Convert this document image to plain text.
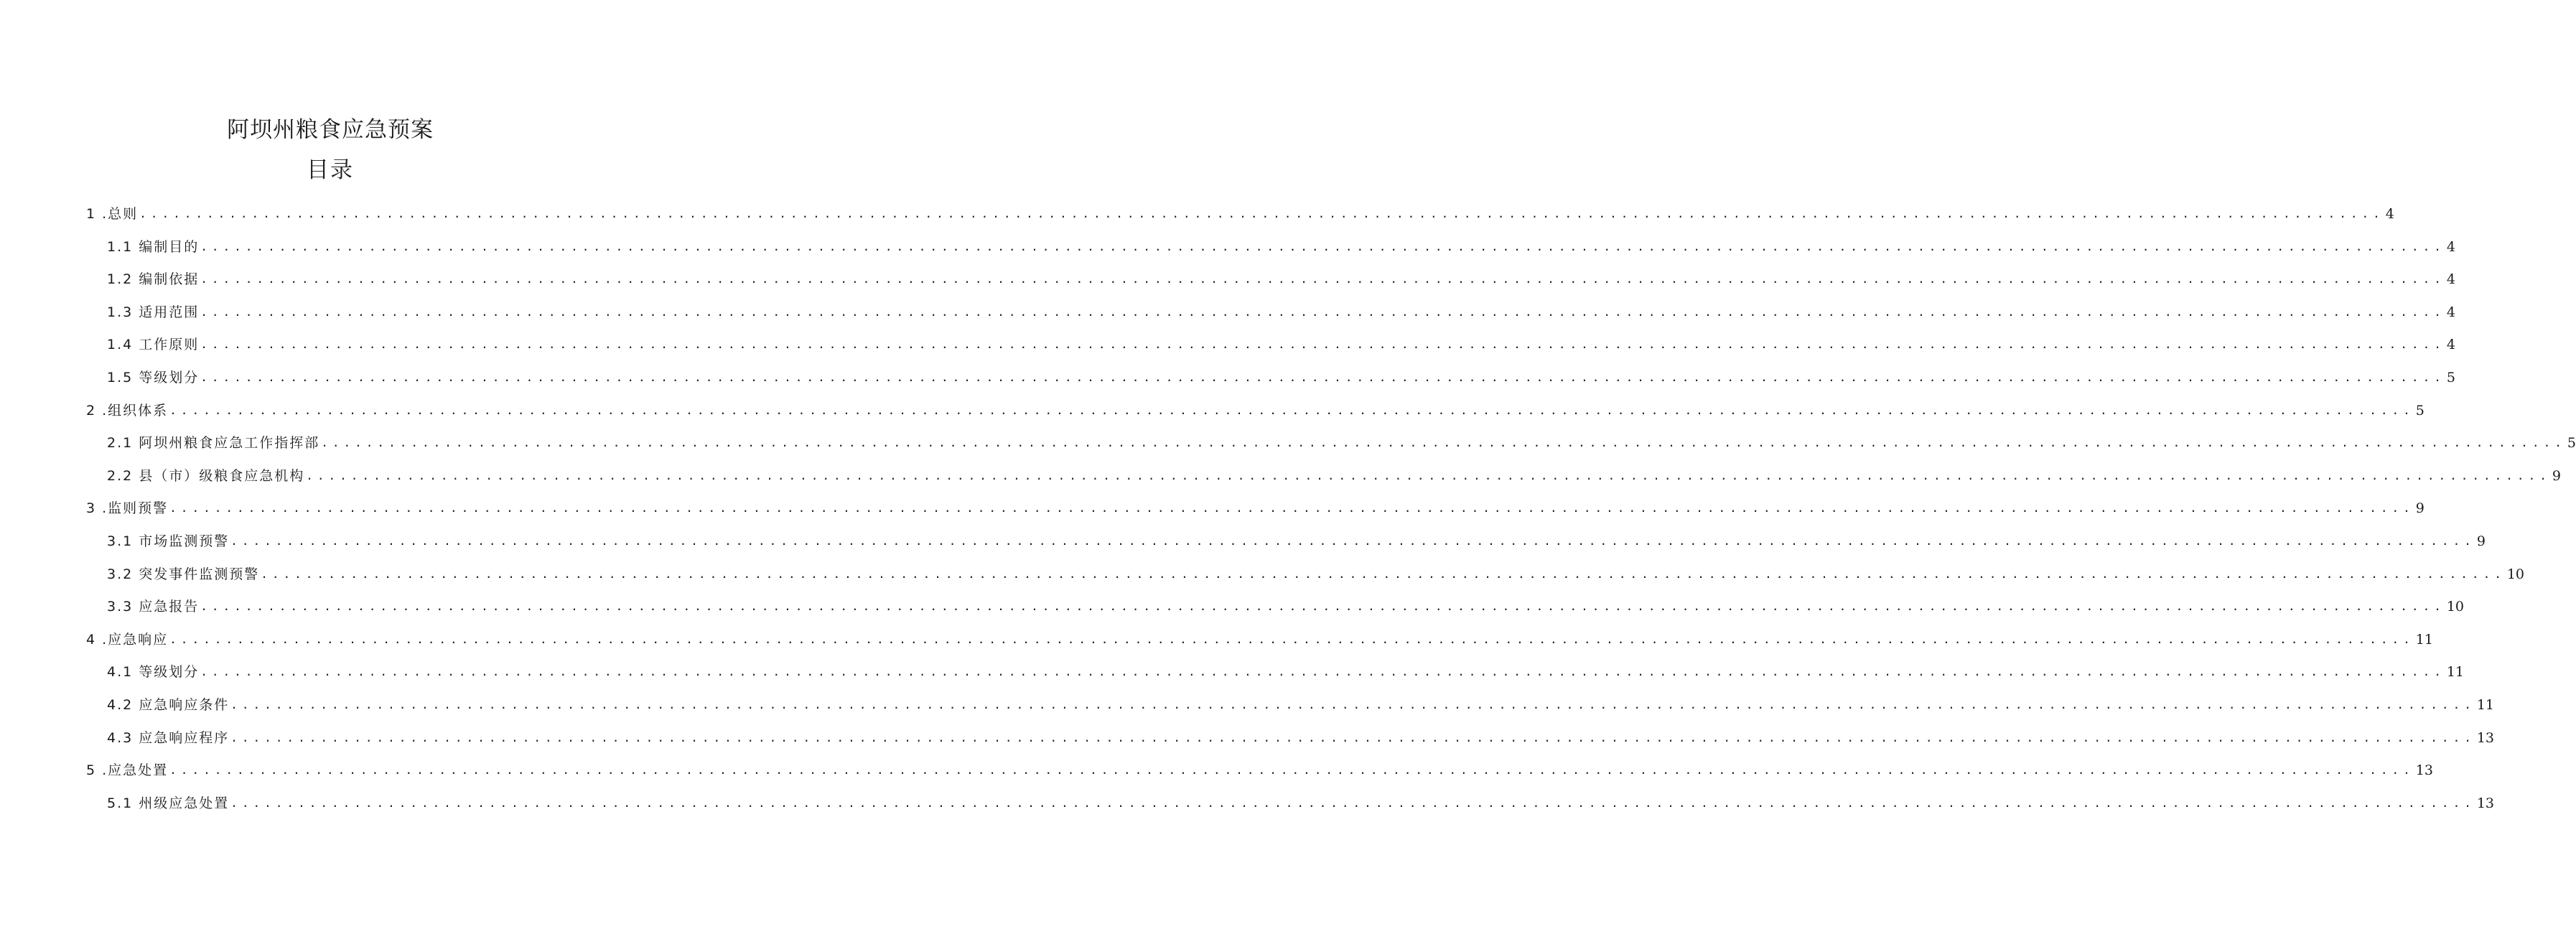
阿坝州粮食应急预案
目录
1 .总则 ........................................................................................................................................................................................................ 4
1.1 编制目的 ........................................................................................................................................................................................................ 4
1.2 编制依据 ........................................................................................................................................................................................................ 4
1.3 适用范围 ........................................................................................................................................................................................................ 4
1.4 工作原则 ........................................................................................................................................................................................................ 4
1.5 等级划分 ........................................................................................................................................................................................................ 5
2 .组织体系 ........................................................................................................................................................................................................ 5
2.1 阿坝州粮食应急工作指挥部 ........................................................................................................................................................................................................ 5
2.2 县（市）级粮食应急机构 ........................................................................................................................................................................................................ 9
3 .监则预警 ........................................................................................................................................................................................................ 9
3.1 市场监测预警 ........................................................................................................................................................................................................ 9
3.2 突发事件监测预警 ........................................................................................................................................................................................................ 10
3.3 应急报告 ........................................................................................................................................................................................................ 10
4 .应急响应 ........................................................................................................................................................................................................ 11
4.1 等级划分 ........................................................................................................................................................................................................ 11
4.2 应急响应条件 ........................................................................................................................................................................................................ 11
4.3 应急响应程序 ........................................................................................................................................................................................................ 13
5 .应急处置 ........................................................................................................................................................................................................ 13
5.1 州级应急处置 ........................................................................................................................................................................................................ 13
